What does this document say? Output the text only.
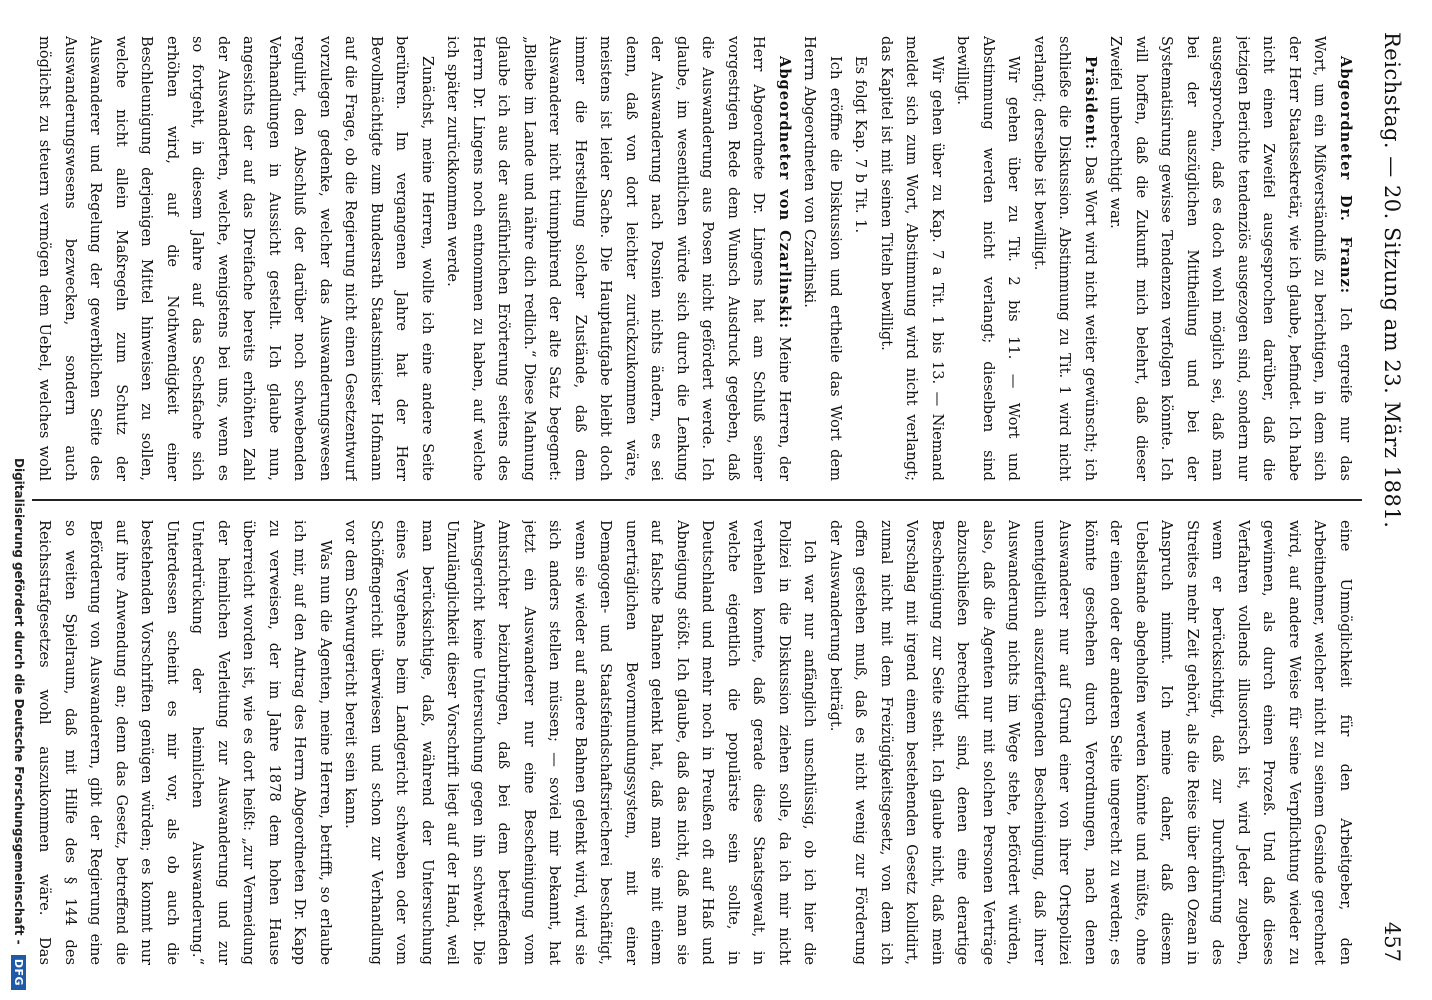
Reichstag. — 20. Sitzung am 23. März 1881.
457

Abgeordneter Dr. Franz: Ich ergreife nur das Wort, um ein Mißverständniß zu berichtigen, in dem sich der Herr Staatssekretär, wie ich glaube, befindet. Ich habe nicht einen Zweifel ausgesprochen darüber, daß die jetzigen Berichte tendenziös ausgezogen sind, sondern nur ausgesprochen, daß es doch wohl möglich sei, daß man bei der auszüglichen Mittheilung und bei der Systematisirung gewisse Tendenzen verfolgen könnte. Ich will hoffen, daß die Zukunft mich belehrt, daß dieser Zweifel unberechtigt war.

Präsident: Das Wort wird nicht weiter gewünscht; ich schließe die Diskussion. Abstimmung zu Tit. 1 wird nicht verlangt; derselbe ist bewilligt.

Wir gehen über zu Tit. 2 bis 11. — Wort und Abstimmung werden nicht verlangt; dieselben sind bewilligt.

Wir gehen über zu Kap. 7 a Tit. 1 bis 13. — Niemand meldet sich zum Wort, Abstimmung wird nicht verlangt; das Kapitel ist mit seinen Titeln bewilligt.

Es folgt Kap. 7 b Tit. 1.

Ich eröffne die Diskussion und ertheile das Wort dem Herrn Abgeordneten von Czarlinski.

Abgeordneter von Czarlinski: Meine Herren, der Herr Abgeordnete Dr. Lingens hat am Schluß seiner vorgestrigen Rede dem Wunsch Ausdruck gegeben, daß die Auswanderung aus Posen nicht gefördert werde. Ich glaube, im wesentlichen würde sich durch die Lenkung der Auswanderung nach Posnien nichts ändern, es sei denn, daß von dort leichter zurückzukommen wäre, meistens ist leider Sache. Die Hauptaufgabe bleibt doch immer die Herstellung solcher Zustände, daß dem Auswanderer nicht triumphirend der alte Satz begegnet: „Bleibe im Lande und nähre dich redlich.“ Diese Mahnung glaube ich aus der ausführlichen Erörterung seitens des Herrn Dr. Lingens noch entnommen zu haben, auf welche ich später zurückkommen werde.

Zunächst, meine Herren, wollte ich eine andere Seite berühren. Im vergangenen Jahre hat der Herr Bevollmächtigte zum Bundesrath Staatsminister Hofmann auf die Frage, ob die Regierung nicht einen Gesetzentwurf vorzulegen gedenke, welcher das Auswanderungswesen regulirt, den Abschluß der darüber noch schwebenden Verhandlungen in Aussicht gestellt. Ich glaube nun, angesichts der auf das Dreifache bereits erhöhten Zahl der Auswanderten, welche, wenigstens bei uns, wenn es so fortgeht, in diesem Jahre auf das Sechsfache sich erhöhen wird, auf die Nothwendigkeit einer Beschleunigung derjenigen Mittel hinweisen zu sollen, welche nicht allein Maßregeln zum Schutz der Auswanderer und Regelung der gewerblichen Seite des Auswanderungswesens bezwecken, sondern auch möglichst zu steuern vermögen dem Uebel, welches wohl

eine Unmöglichkeit für den Arbeitgeber, den Arbeitnehmer, welcher nicht zu seinem Gesinde gerechnet wird, auf andere Weise für seine Verpflichtung wieder zu gewinnen, als durch einen Prozeß. Und daß dieses Verfahren vollends illusorisch ist, wird Jeder zugeben, wenn er berücksichtigt, daß zur Durchführung des Streites mehr Zeit gehört, als die Reise über den Ozean in Anspruch nimmt. Ich meine daher, daß diesem Uebelstande abgeholfen werden könnte und müßte, ohne der einen oder der anderen Seite ungerecht zu werden; es könnte geschehen durch Verordnungen, nach denen Auswanderer nur auf Grund einer von ihrer Ortspolizei unentgeltlich auszufertigenden Bescheinigung, daß ihrer Auswanderung nichts im Wege stehe, befördert würden, also, daß die Agenten nur mit solchen Personen Verträge abzuschließen berechtigt sind, denen eine derartige Bescheinigung zur Seite steht. Ich glaube nicht, daß mein Vorschlag mit irgend einem bestehenden Gesetz kollidirt, zumal nicht mit dem Freizügigkeitsgesetz, von dem ich offen gestehen muß, daß es nicht wenig zur Förderung der Auswanderung beiträgt.

Ich war nur anfänglich unschlüssig, ob ich hier die Polizei in die Diskussion ziehen solle, da ich mir nicht verhehlen konnte, daß gerade diese Staatsgewalt, in welche eigentlich die populärste sein sollte, in Deutschland und mehr noch in Preußen oft auf Haß und Abneigung stößt. Ich glaube, daß das nicht, daß man sie auf falsche Bahnen gelenkt hat, daß man sie mit einem unerträglichen Bevormundungssystem, mit einer Demagogen- und Staatsfeindschaftsriecherei beschäftigt, wenn sie wieder auf andere Bahnen gelenkt wird, wird sie sich anders stellen müssen; — soviel mir bekannt, hat jetzt ein Auswanderer nur eine Bescheinigung vom Amtsrichter beizubringen, daß bei dem betreffenden Amtsgericht keine Untersuchung gegen ihn schwebt. Die Unzulänglichkeit dieser Vorschrift liegt auf der Hand, weil man berücksichtige, daß, während der Untersuchung eines Vergehens beim Landgericht schweben oder vom Schöffengericht überwiesen und schon zur Verhandlung vor dem Schwurgericht bereit sein kann.

Was nun die Agenten, meine Herren, betrifft, so erlaube ich mir, auf den Antrag des Herrn Abgeordneten Dr. Kapp zu verweisen, der im Jahre 1878 dem hohen Hause überreicht worden ist, wie es dort heißt: „zur Vermeidung der heimlichen Verleitung zur Auswanderung und zur Unterdrückung der heimlichen Auswanderung.“ Unterdessen scheint es mir vor, als ob auch die bestehenden Vorschriften genügen würden; es kommt nur auf ihre Anwendung an; denn das Gesetz, betreffend die Beförderung von Auswanderern, gibt der Regierung eine so weiten Spielraum, daß mit Hilfe des § 144 des Reichsstrafgesetzes wohl auszukommen wäre. Das

Digitalisierung gefördert durch die Deutsche Forschungsgemeinschaft - DFG
